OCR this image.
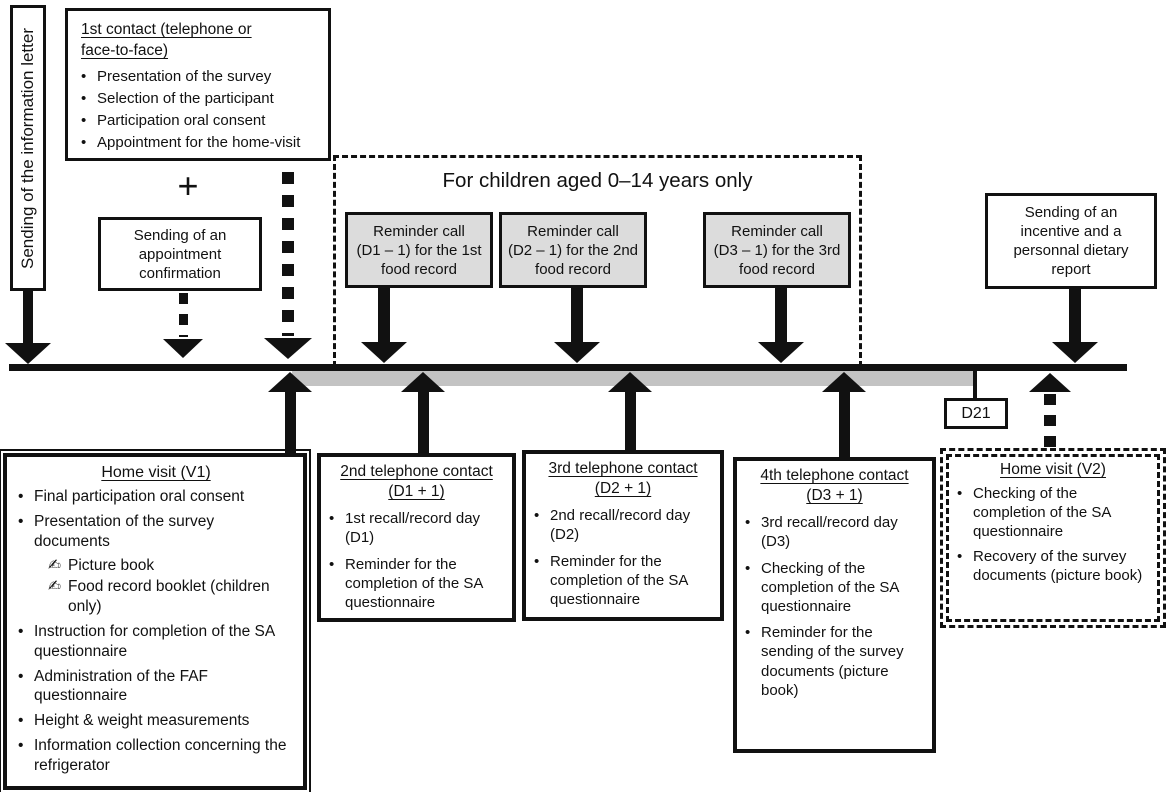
Sending of the information letter	1st contact (telephone or
face-to-face)
• Presentation of the survey
• Selection of the participant
• Participation oral consent
• Appointment for the home-visit
+
Sending of an
appointment
confirmation
For children aged 0–14 years only
Reminder call
(D1 – 1) for the 1st
food record
Reminder call
(D2 – 1) for the 2nd
food record
Reminder call
(D3 – 1) for the 3rd
food record
Sending of an
incentive and a
personnal dietary
report
D21
Home visit (V1)
• Final participation oral consent
• Presentation of the survey documents
✍ Picture book
✍ Food record booklet (children only)
• Instruction for completion of the SA questionnaire
• Administration of the FAF questionnaire
• Height & weight measurements
• Information collection concerning the refrigerator
2nd telephone contact
(D1 + 1)
• 1st recall/record day (D1)
• Reminder for the completion of the SA questionnaire
3rd telephone contact
(D2 + 1)
• 2nd recall/record day (D2)
• Reminder for the completion of the SA questionnaire
4th telephone contact
(D3 + 1)
• 3rd recall/record day (D3)
• Checking of the completion of the SA questionnaire
• Reminder for the sending of the survey documents (picture book)
Home visit (V2)
• Checking of the completion of the SA questionnaire
• Recovery of the survey documents (picture book)
